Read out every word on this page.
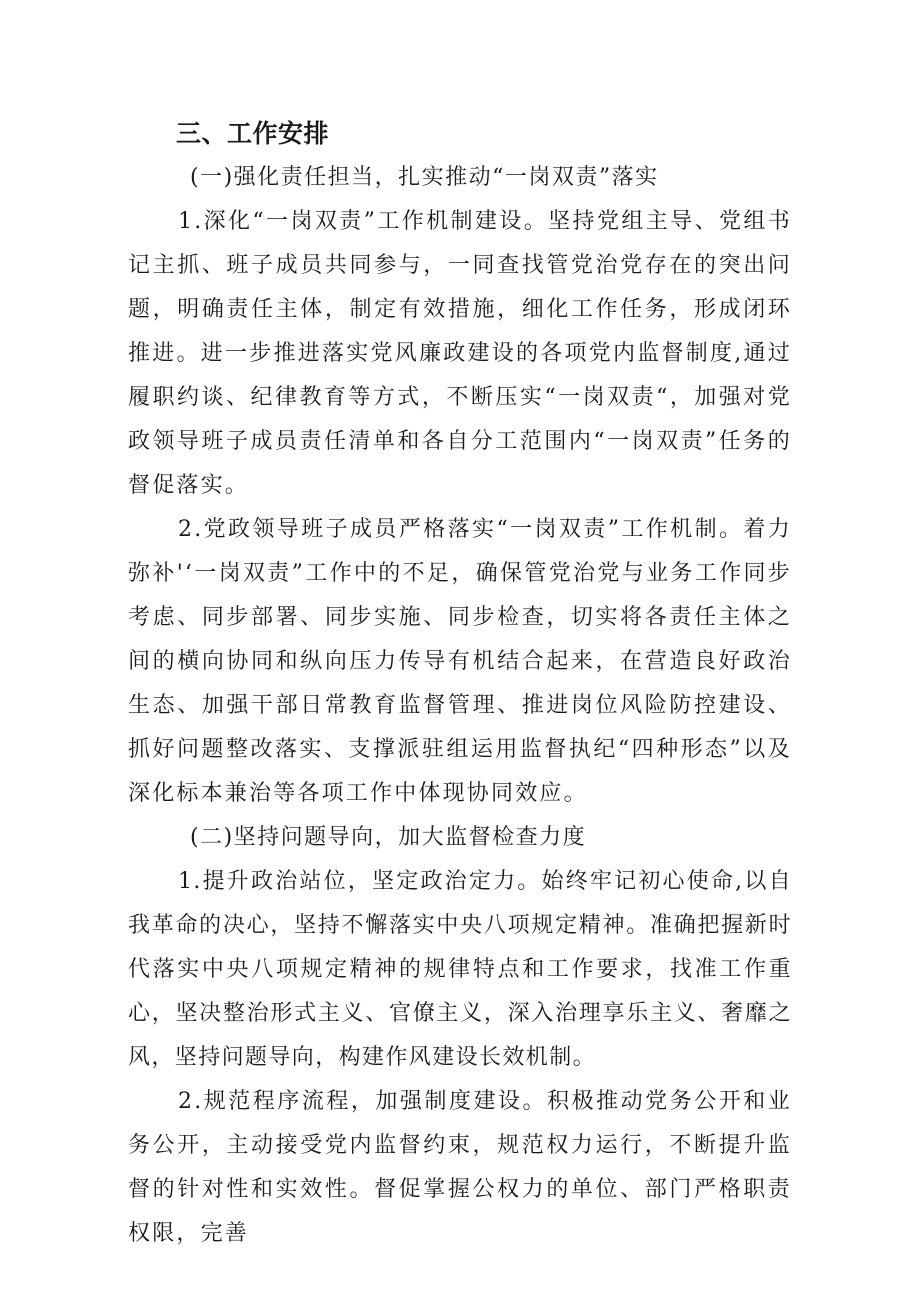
三、工作安排

(一)强化责任担当，扎实推动“一岗双责”落实

1.深化“一岗双责”工作机制建设。坚持党组主导、党组书记主抓、班子成员共同参与，一同查找管党治党存在的突出问题，明确责任主体，制定有效措施，细化工作任务，形成闭环推进。进一步推进落实党风廉政建设的各项党内监督制度,通过履职约谈、纪律教育等方式，不断压实“一岗双责“，加强对党政领导班子成员责任清单和各自分工范围内“一岗双责”任务的督促落实。

2.党政领导班子成员严格落实“一岗双责”工作机制。着力弥补'‘一岗双责”工作中的不足，确保管党治党与业务工作同步考虑、同步部署、同步实施、同步检查，切实将各责任主体之间的横向协同和纵向压力传导有机结合起来，在营造良好政治生态、加强干部日常教育监督管理、推进岗位风险防控建设、抓好问题整改落实、支撑派驻组运用监督执纪“四种形态”以及深化标本兼治等各项工作中体现协同效应。

(二)坚持问题导向，加大监督检查力度

1.提升政治站位，坚定政治定力。始终牢记初心使命,以自我革命的决心，坚持不懈落实中央八项规定精神。准确把握新时代落实中央八项规定精神的规律特点和工作要求，找准工作重心，坚决整治形式主义、官僚主义，深入治理享乐主义、奢靡之风，坚持问题导向，构建作风建设长效机制。

2.规范程序流程，加强制度建设。积极推动党务公开和业务公开，主动接受党内监督约束，规范权力运行，不断提升监督的针对性和实效性。督促掌握公权力的单位、部门严格职责权限，完善
